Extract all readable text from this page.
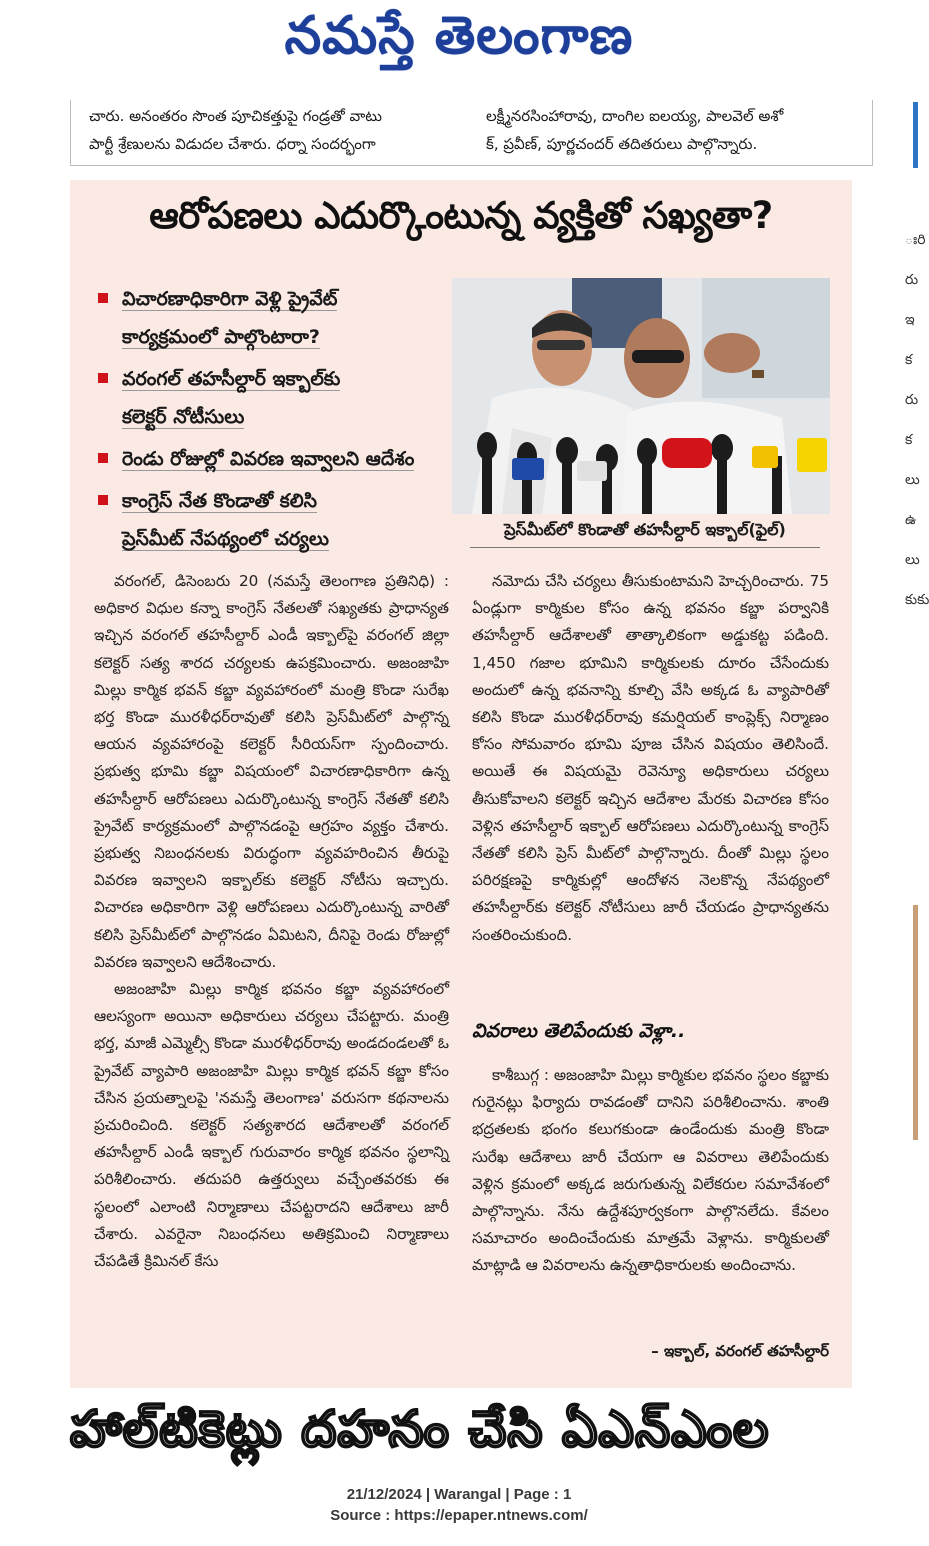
నమస్తే తెలంగాణ
చారు. అనంతరం సొంత పూచికత్తుపై గండ్రతో వాటు
పార్టీ శ్రేణులను విడుదల చేశారు. ధర్నా సందర్భంగా
లక్ష్మీనరసింహారావు, దాంగిల ఐలయ్య, పాలవెల్ అశో
క్, ప్రవీణ్, పూర్ణచందర్ తదితరులు పాల్గొన్నారు.
ఃరిరుఇకరుకలుఉలుకుకు
ఆరోపణలు ఎదుర్కొంటున్న వ్యక్తితో సఖ్యతా?
విచారణాధికారిగా వెళ్లి ప్రైవేట్
కార్యక్రమంలో పాల్గొంటారా?
వరంగల్ తహసీల్దార్ ఇక్బాల్‌కు
కలెక్టర్ నోటీసులు
రెండు రోజుల్లో వివరణ ఇవ్వాలని ఆదేశం
కాంగ్రెస్ నేత కొండాతో కలిసి
ప్రెస్‌మీట్ నేపథ్యంలో చర్యలు	ప్రెస్‌మీట్‌లో కొండాతో తహసీల్దార్ ఇక్బాల్(ఫైల్)

వరంగల్, డిసెంబరు 20 (నమస్తే తెలంగాణ ప్రతినిధి) : అధికార విధుల కన్నా కాంగ్రెస్ నేతలతో సఖ్యతకు ప్రాధాన్యత ఇచ్చిన వరంగల్ తహసీల్దార్ ఎండీ ఇక్బాల్‌పై వరంగల్ జిల్లా కలెక్టర్ సత్య శారద చర్యలకు ఉపక్రమించారు. అజంజాహి మిల్లు కార్మిక భవన్ కబ్జా వ్యవహారంలో మంత్రి కొండా సురేఖ భర్త కొండా మురళీధర్‌రావుతో కలిసి ప్రెస్‌మీట్‌లో పాల్గొన్న ఆయన వ్యవహారంపై కలెక్టర్ సీరియస్‌గా స్పందించారు. ప్రభుత్వ భూమి కబ్జా విషయంలో విచారణాధికారిగా ఉన్న తహసీల్దార్ ఆరోపణలు ఎదుర్కొంటున్న కాంగ్రెస్ నేతతో కలిసి ప్రైవేట్ కార్యక్రమంలో పాల్గొనడంపై ఆగ్రహం వ్యక్తం చేశారు. ప్రభుత్వ నిబంధనలకు విరుద్ధంగా వ్యవహరించిన తీరుపై వివరణ ఇవ్వాలని ఇక్బాల్‌కు కలెక్టర్ నోటీసు ఇచ్చారు. విచారణ అధికారిగా వెళ్లి ఆరోపణలు ఎదుర్కొంటున్న వారితో కలిసి ప్రెస్‌మీట్‌లో పాల్గొనడం ఏమిటని, దీనిపై రెండు రోజుల్లో వివరణ ఇవ్వాలని ఆదేశించారు.

అజంజాహి మిల్లు కార్మిక భవనం కబ్జా వ్యవహారంలో ఆలస్యంగా అయినా అధికారులు చర్యలు చేపట్టారు. మంత్రి భర్త, మాజీ ఎమ్మెల్సీ కొండా మురళీధర్‌రావు అండదండలతో ఓ ప్రైవేట్ వ్యాపారి అజంజాహి మిల్లు కార్మిక భవన్ కబ్జా కోసం చేసిన ప్రయత్నాలపై 'నమస్తే తెలంగాణ' వరుసగా కథనాలను ప్రచురించింది. కలెక్టర్ సత్యశారద ఆదేశాలతో వరంగల్ తహసీల్దార్ ఎండీ ఇక్బాల్ గురువారం కార్మిక భవనం స్థలాన్ని పరిశీలించారు. తదుపరి ఉత్తర్వులు వచ్చేంతవరకు ఈ స్థలంలో ఎలాంటి నిర్మాణాలు చేపట్టరాదని ఆదేశాలు జారీ చేశారు. ఎవరైనా నిబంధనలు అతిక్రమించి నిర్మాణాలు చేపడితే క్రిమినల్ కేసు

నమోదు చేసి చర్యలు తీసుకుంటామని హెచ్చరించారు. 75 ఏండ్లుగా కార్మికుల కోసం ఉన్న భవనం కబ్జా పర్వానికి తహసీల్దార్ ఆదేశాలతో తాత్కాలికంగా అడ్డుకట్ట పడింది. 1,450 గజాల భూమిని కార్మికులకు దూరం చేసేందుకు అందులో ఉన్న భవనాన్ని కూల్చి వేసి అక్కడ ఓ వ్యాపారితో కలిసి కొండా మురళీధర్‌రావు కమర్షియల్ కాంప్లెక్స్ నిర్మాణం కోసం సోమవారం భూమి పూజ చేసిన విషయం తెలిసిందే. అయితే ఈ విషయమై రెవెన్యూ అధికారులు చర్యలు తీసుకోవాలని కలెక్టర్ ఇచ్చిన ఆదేశాల మేరకు విచారణ కోసం వెళ్లిన తహసీల్దార్ ఇక్బాల్ ఆరోపణలు ఎదుర్కొంటున్న కాంగ్రెస్ నేతతో కలిసి ప్రెస్ మీట్‌లో పాల్గొన్నారు. దీంతో మిల్లు స్థలం పరిరక్షణపై కార్మికుల్లో ఆందోళన నెలకొన్న నేపథ్యంలో తహసీల్దార్‌కు కలెక్టర్ నోటీసులు జారీ చేయడం ప్రాధాన్యతను సంతరించుకుంది.

వివరాలు తెలిపేందుకు వెళ్లా..

కాశీబుగ్గ : అజంజాహి మిల్లు కార్మికుల భవనం స్థలం కబ్జాకు గురైనట్లు ఫిర్యాదు రావడంతో దానిని పరిశీలించాను. శాంతి భద్రతలకు భంగం కలుగకుండా ఉండేందుకు మంత్రి కొండా సురేఖ ఆదేశాలు జారీ చేయగా ఆ వివరాలు తెలిపేందుకు వెళ్లిన క్రమంలో అక్కడ జరుగుతున్న విలేకరుల సమావేశంలో పాల్గొన్నాను. నేను ఉద్దేశపూర్వకంగా పాల్గొనలేదు. కేవలం సమాచారం అందించేందుకు మాత్రమే వెళ్లాను. కార్మికులతో మాట్లాడి ఆ వివరాలను ఉన్నతాధికారులకు అందించాను.

– ఇక్బాల్, వరంగల్ తహసీల్దార్
హాల్‌టికెట్లు దహనం చేసి ఏఎన్‌ఎంల
21/12/2024 | Warangal | Page : 1
Source : https://epaper.ntnews.com/
